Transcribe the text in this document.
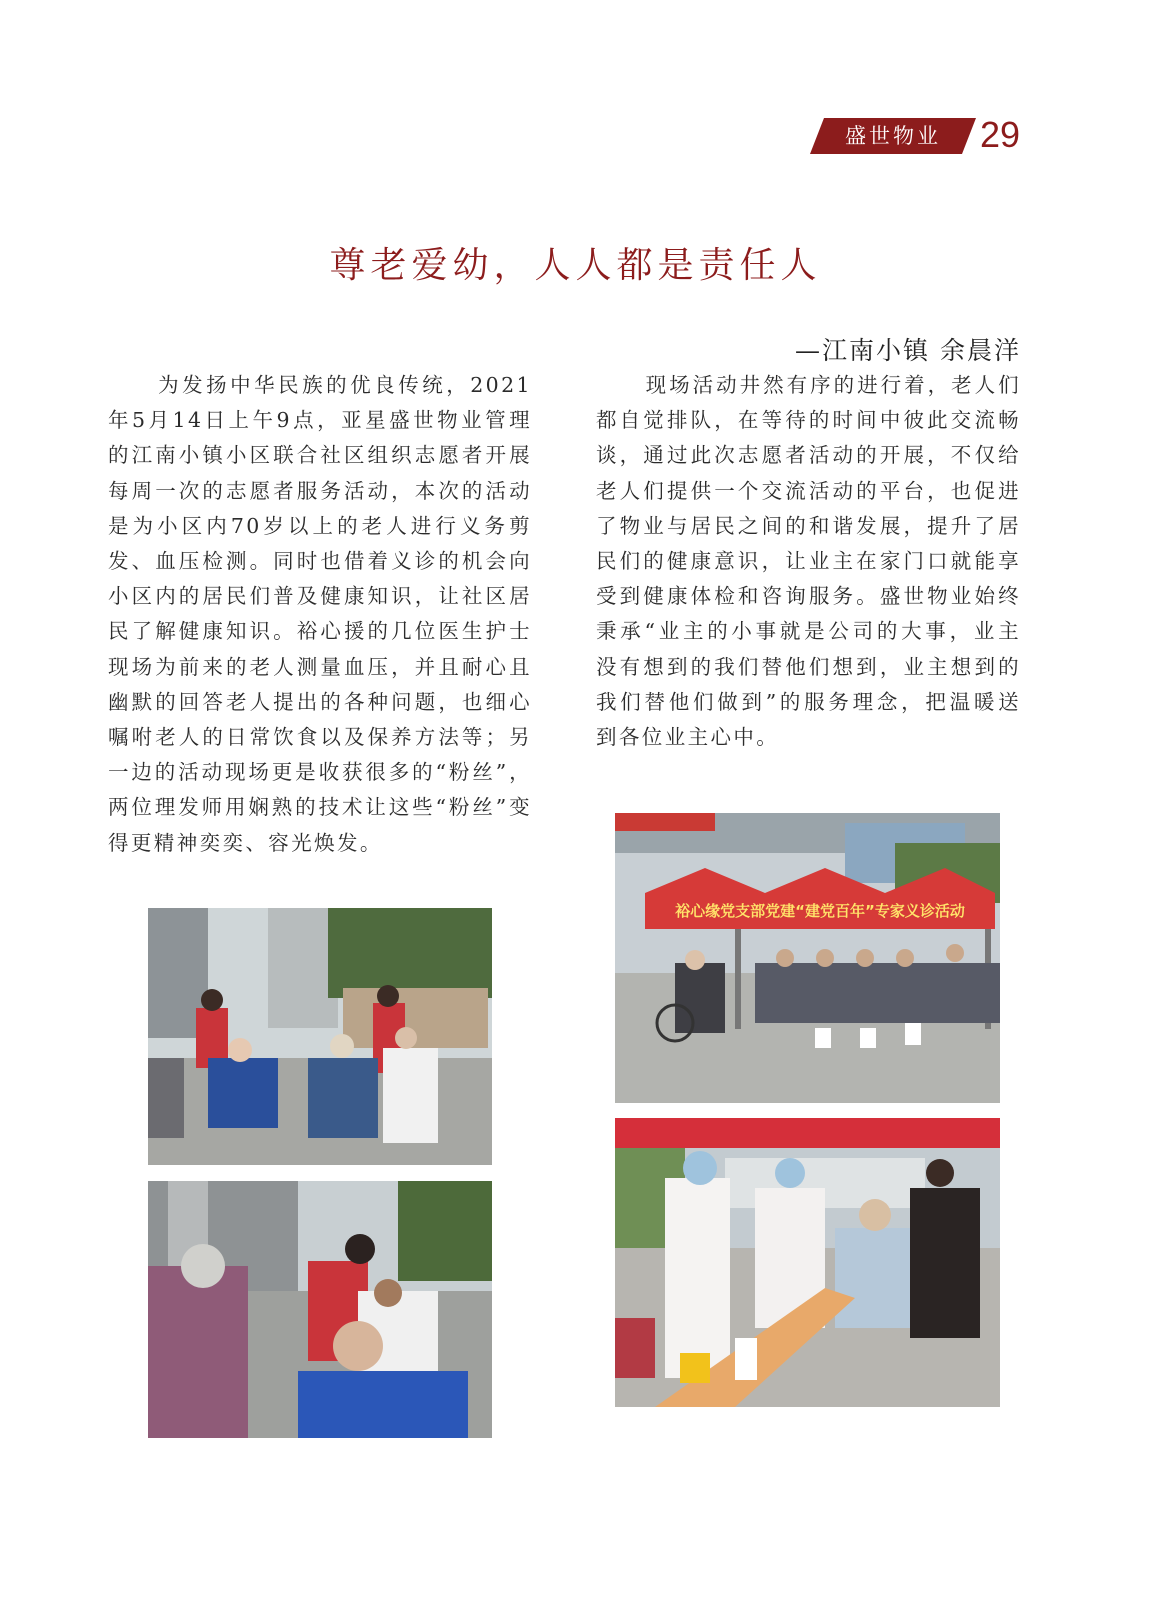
盛世物业	29
尊老爱幼，人人都是责任人
—江南小镇 余晨洋

为发扬中华民族的优良传统，2021年5月14日上午9点，亚星盛世物业管理的江南小镇小区联合社区组织志愿者开展每周一次的志愿者服务活动，本次的活动是为小区内70岁以上的老人进行义务剪发、血压检测。同时也借着义诊的机会向小区内的居民们普及健康知识，让社区居民了解健康知识。裕心援的几位医生护士现场为前来的老人测量血压，并且耐心且幽默的回答老人提出的各种问题，也细心嘱咐老人的日常饮食以及保养方法等；另一边的活动现场更是收获很多的“粉丝”，两位理发师用娴熟的技术让这些“粉丝”变得更精神奕奕、容光焕发。

现场活动井然有序的进行着，老人们都自觉排队，在等待的时间中彼此交流畅谈，通过此次志愿者活动的开展，不仅给老人们提供一个交流活动的平台，也促进了物业与居民之间的和谐发展，提升了居民们的健康意识，让业主在家门口就能享受到健康体检和咨询服务。盛世物业始终秉承“业主的小事就是公司的大事，业主没有想到的我们替他们想到，业主想到的我们替他们做到”的服务理念，把温暖送到各位业主心中。

裕心缘党支部党建“建党百年”专家义诊活动
